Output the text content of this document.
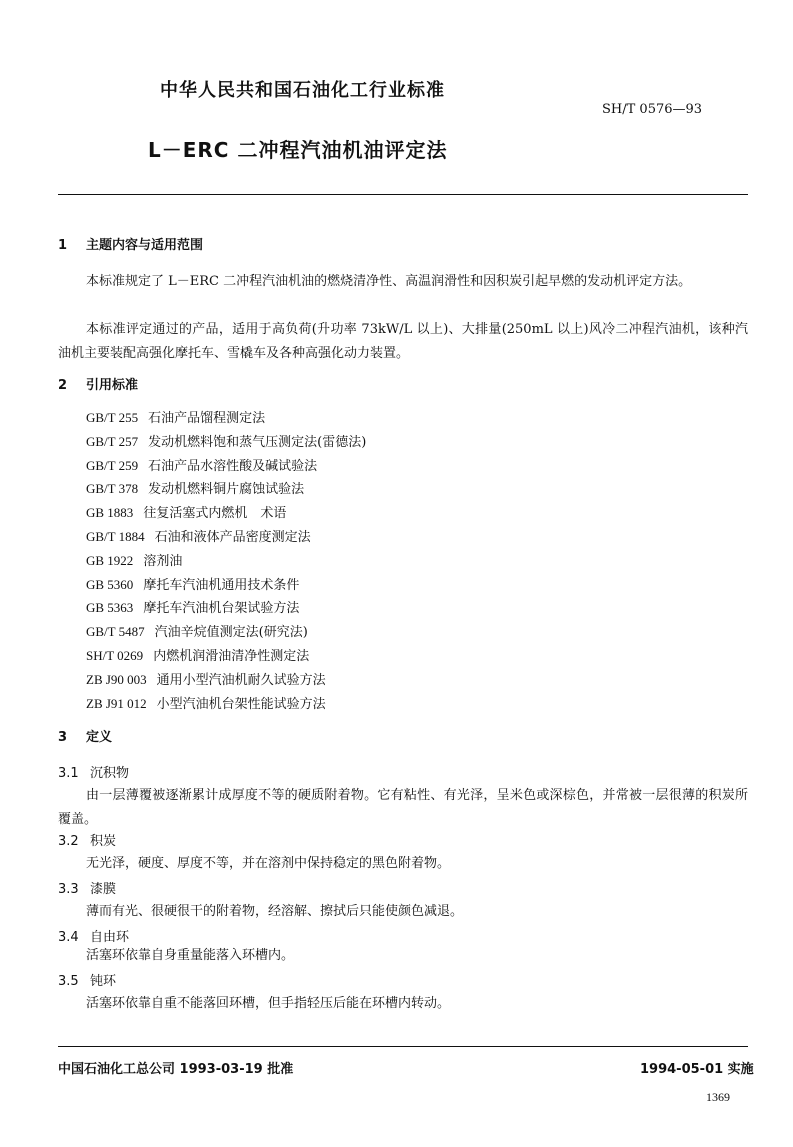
中华人民共和国石油化工行业标准
SH/T 0576—93
L－ERC 二冲程汽油机油评定法
1 主题内容与适用范围
本标准规定了 L－ERC 二冲程汽油机油的燃烧清净性、高温润滑性和因积炭引起早燃的发动机评定方法。
本标准评定通过的产品，适用于高负荷(升功率 73kW/L 以上)、大排量(250mL 以上)风冷二冲程汽油机，该种汽油机主要装配高强化摩托车、雪橇车及各种高强化动力装置。
2 引用标准
GB/T 255 石油产品馏程测定法
GB/T 257 发动机燃料饱和蒸气压测定法(雷德法)
GB/T 259 石油产品水溶性酸及碱试验法
GB/T 378 发动机燃料铜片腐蚀试验法
GB 1883 往复活塞式内燃机　术语
GB/T 1884 石油和液体产品密度测定法
GB 1922 溶剂油
GB 5360 摩托车汽油机通用技术条件
GB 5363 摩托车汽油机台架试验方法
GB/T 5487 汽油辛烷值测定法(研究法)
SH/T 0269 内燃机润滑油清净性测定法
ZB J90 003 通用小型汽油机耐久试验方法
ZB J91 012 小型汽油机台架性能试验方法
3 定义
3.1 沉积物
由一层薄覆被逐渐累计成厚度不等的硬质附着物。它有粘性、有光泽，呈米色或深棕色，并常被一层很薄的积炭所覆盖。
3.2 积炭
无光泽，硬度、厚度不等，并在溶剂中保持稳定的黑色附着物。
3.3 漆膜
薄而有光、很硬很干的附着物，经溶解、擦拭后只能使颜色减退。
3.4 自由环
活塞环依靠自身重量能落入环槽内。
3.5 钝环
活塞环依靠自重不能落回环槽，但手指轻压后能在环槽内转动。
中国石油化工总公司 1993-03-19 批准	1994-05-01 实施
1369
